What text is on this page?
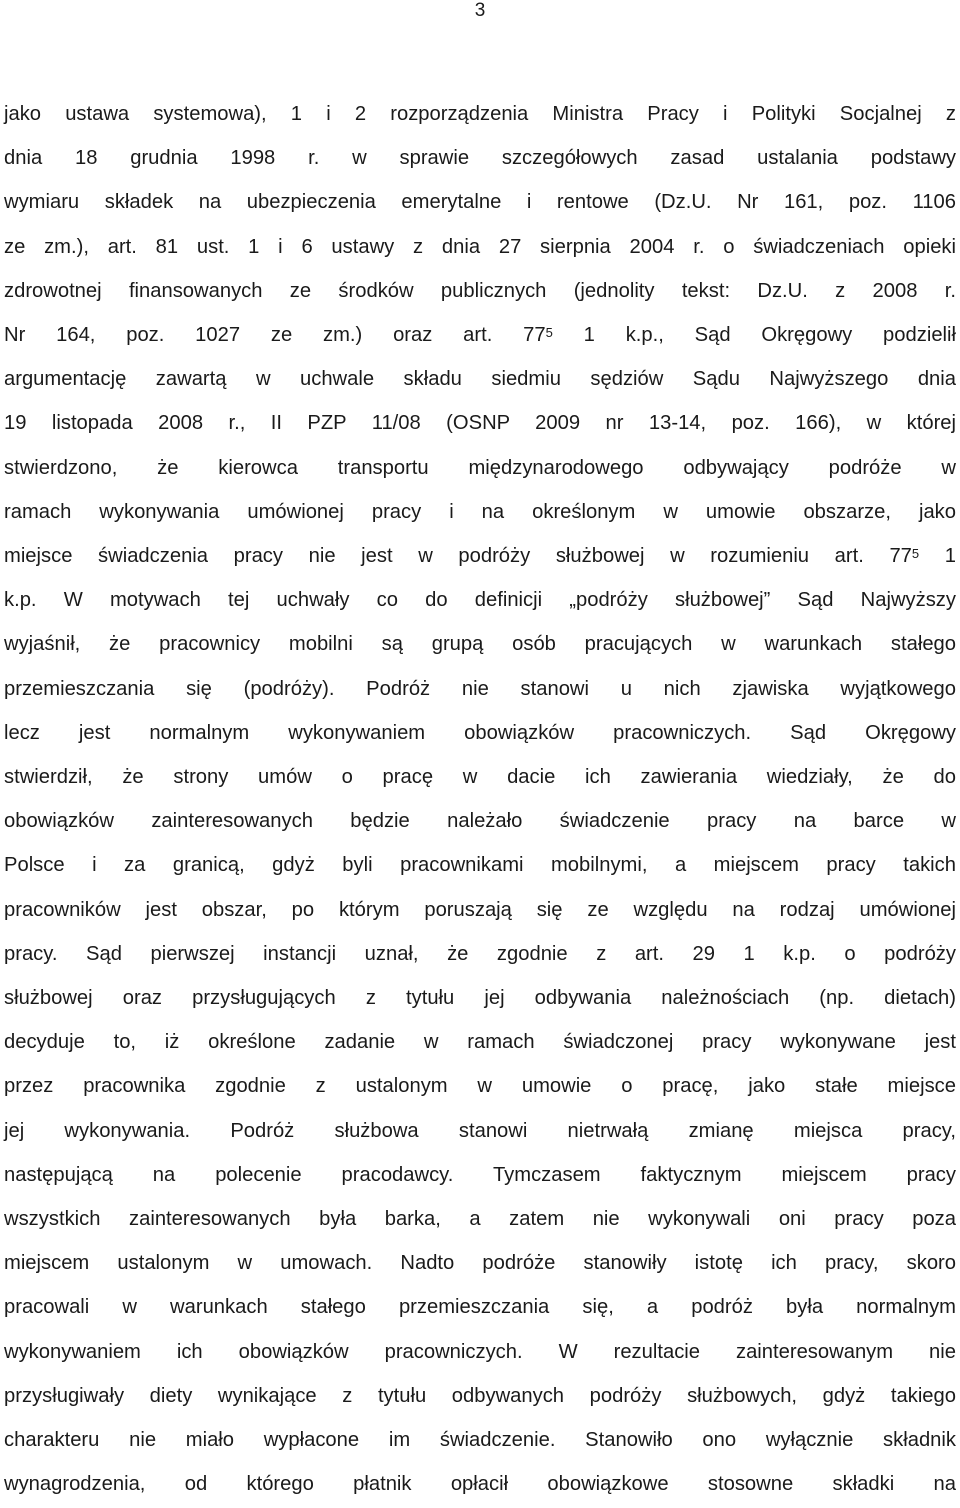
3
jako ustawa systemowa), 1 i 2 rozporządzenia Ministra Pracy i Polityki Socjalnej z
dnia 18 grudnia 1998 r. w sprawie szczegółowych zasad ustalania podstawy
wymiaru składek na ubezpieczenia emerytalne i rentowe (Dz.U. Nr 161, poz. 1106
ze zm.), art. 81 ust. 1 i 6 ustawy z dnia 27 sierpnia 2004 r. o świadczeniach opieki
zdrowotnej finansowanych ze środków publicznych (jednolity tekst: Dz.U. z 2008 r.
Nr 164, poz. 1027 ze zm.) oraz art. $77^5$ 1 k.p., Sąd Okręgowy podzielił
argumentację zawartą w uchwale składu siedmiu sędziów Sądu Najwyższego dnia
19 listopada 2008 r., II PZP 11/08 (OSNP 2009 nr 13-14, poz. 166), w której
stwierdzono, że kierowca transportu międzynarodowego odbywający podróże w
ramach wykonywania umówionej pracy i na określonym w umowie obszarze, jako
miejsce świadczenia pracy nie jest w podróży służbowej w rozumieniu art. $77^5$ 1
k.p. W motywach tej uchwały co do definicji „podróży służbowej” Sąd Najwyższy
wyjaśnił, że pracownicy mobilni są grupą osób pracujących w warunkach stałego
przemieszczania się (podróży). Podróż nie stanowi u nich zjawiska wyjątkowego
lecz jest normalnym wykonywaniem obowiązków pracowniczych. Sąd Okręgowy
stwierdził, że strony umów o pracę w dacie ich zawierania wiedziały, że do
obowiązków zainteresowanych będzie należało świadczenie pracy na barce w
Polsce i za granicą, gdyż byli pracownikami mobilnymi, a miejscem pracy takich
pracowników jest obszar, po którym poruszają się ze względu na rodzaj umówionej
pracy. Sąd pierwszej instancji uznał, że zgodnie z art. 29 1 k.p. o podróży
służbowej oraz przysługujących z tytułu jej odbywania należnościach (np. dietach)
decyduje to, iż określone zadanie w ramach świadczonej pracy wykonywane jest
przez pracownika zgodnie z ustalonym w umowie o pracę, jako stałe miejsce
jej wykonywania. Podróż służbowa stanowi nietrwałą zmianę miejsca pracy,
następującą na polecenie pracodawcy. Tymczasem faktycznym miejscem pracy
wszystkich zainteresowanych była barka, a zatem nie wykonywali oni pracy poza
miejscem ustalonym w umowach. Nadto podróże stanowiły istotę ich pracy, skoro
pracowali w warunkach stałego przemieszczania się, a podróż była normalnym
wykonywaniem ich obowiązków pracowniczych. W rezultacie zainteresowanym nie
przysługiwały diety wynikające z tytułu odbywanych podróży służbowych, gdyż takiego
charakteru nie miało wypłacone im świadczenie. Stanowiło ono wyłącznie składnik
wynagrodzenia, od którego płatnik opłacił obowiązkowe stosowne składki na
